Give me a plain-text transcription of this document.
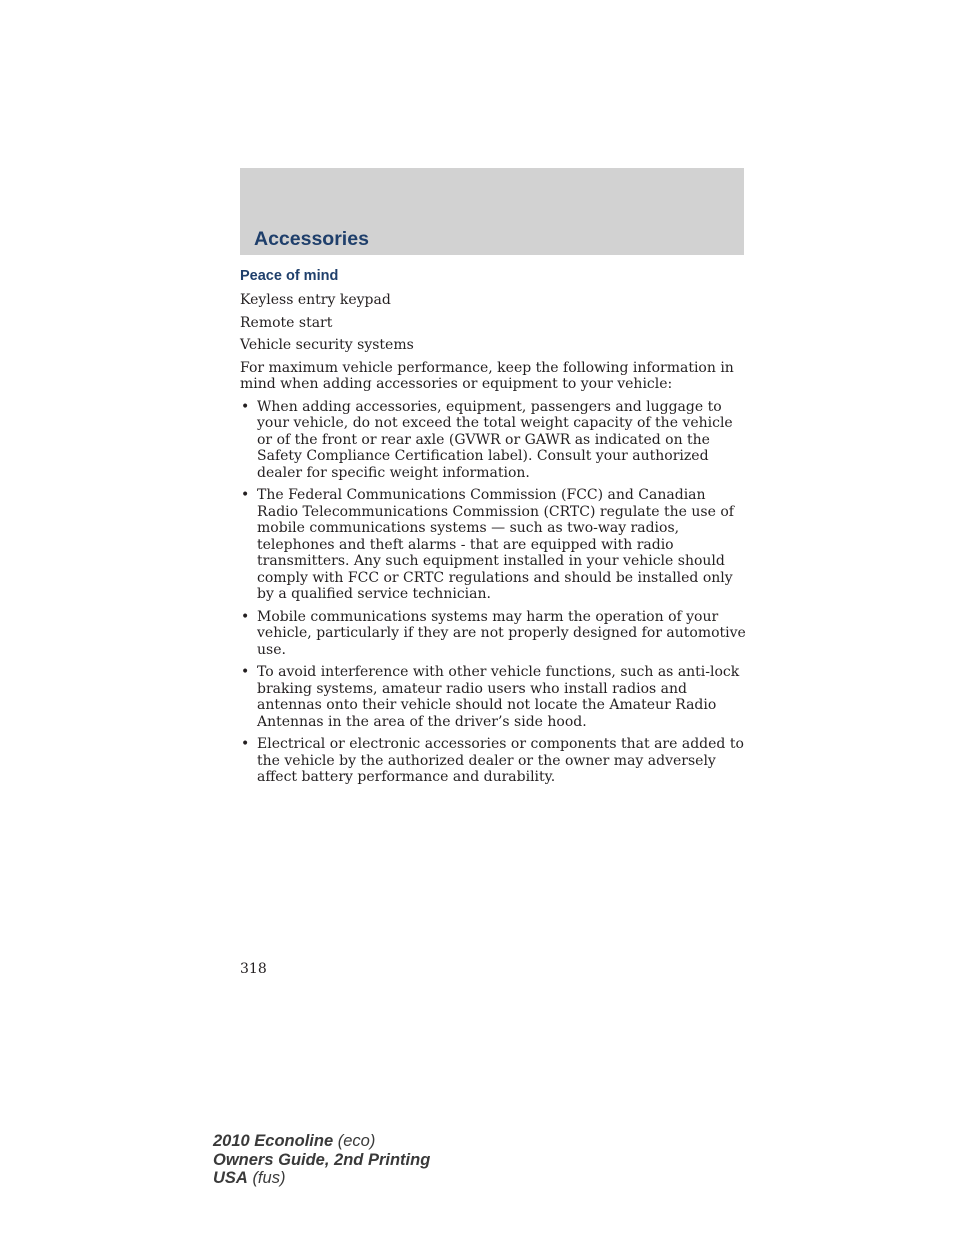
Accessories
Peace of mind

Keyless entry keypad

Remote start

Vehicle security systems

For maximum vehicle performance, keep the following information in mind when adding accessories or equipment to your vehicle:

• When adding accessories, equipment, passengers and luggage to your vehicle, do not exceed the total weight capacity of the vehicle or of the front or rear axle (GVWR or GAWR as indicated on the Safety Compliance Certification label). Consult your authorized dealer for specific weight information.
• The Federal Communications Commission (FCC) and Canadian Radio Telecommunications Commission (CRTC) regulate the use of mobile communications systems — such as two-way radios, telephones and theft alarms - that are equipped with radio transmitters. Any such equipment installed in your vehicle should comply with FCC or CRTC regulations and should be installed only by a qualified service technician.
• Mobile communications systems may harm the operation of your vehicle, particularly if they are not properly designed for automotive use.
• To avoid interference with other vehicle functions, such as anti-lock braking systems, amateur radio users who install radios and antennas onto their vehicle should not locate the Amateur Radio Antennas in the area of the driver’s side hood.
• Electrical or electronic accessories or components that are added to the vehicle by the authorized dealer or the owner may adversely affect battery performance and durability.

318

2010 Econoline (eco)
Owners Guide, 2nd Printing
USA (fus)
